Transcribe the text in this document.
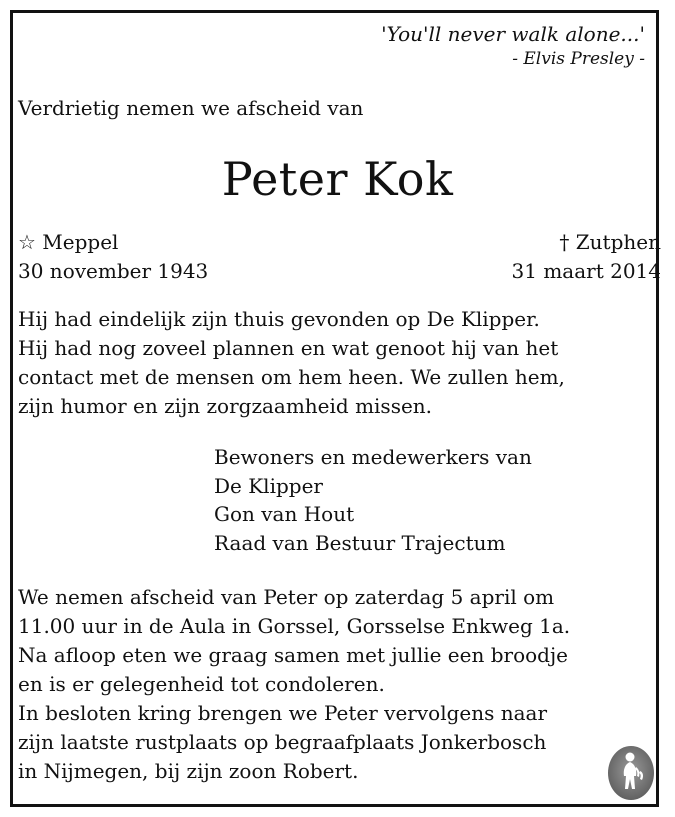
'You'll never walk alone...'
- Elvis Presley -
Verdrietig nemen we afscheid van
Peter Kok
☆ Meppel
30 november 1943
† Zutphen
31 maart 2014
Hij had eindelijk zijn thuis gevonden op De Klipper.
Hij had nog zoveel plannen en wat genoot hij van het
contact met de mensen om hem heen. We zullen hem,
zijn humor en zijn zorgzaamheid missen.
Bewoners en medewerkers van
De Klipper
Gon van Hout
Raad van Bestuur Trajectum
We nemen afscheid van Peter op zaterdag 5 april om
11.00 uur in de Aula in Gorssel, Gorsselse Enkweg 1a.
Na afloop eten we graag samen met jullie een broodje
en is er gelegenheid tot condoleren.
In besloten kring brengen we Peter vervolgens naar
zijn laatste rustplaats op begraafplaats Jonkerbosch
in Nijmegen, bij zijn zoon Robert.
